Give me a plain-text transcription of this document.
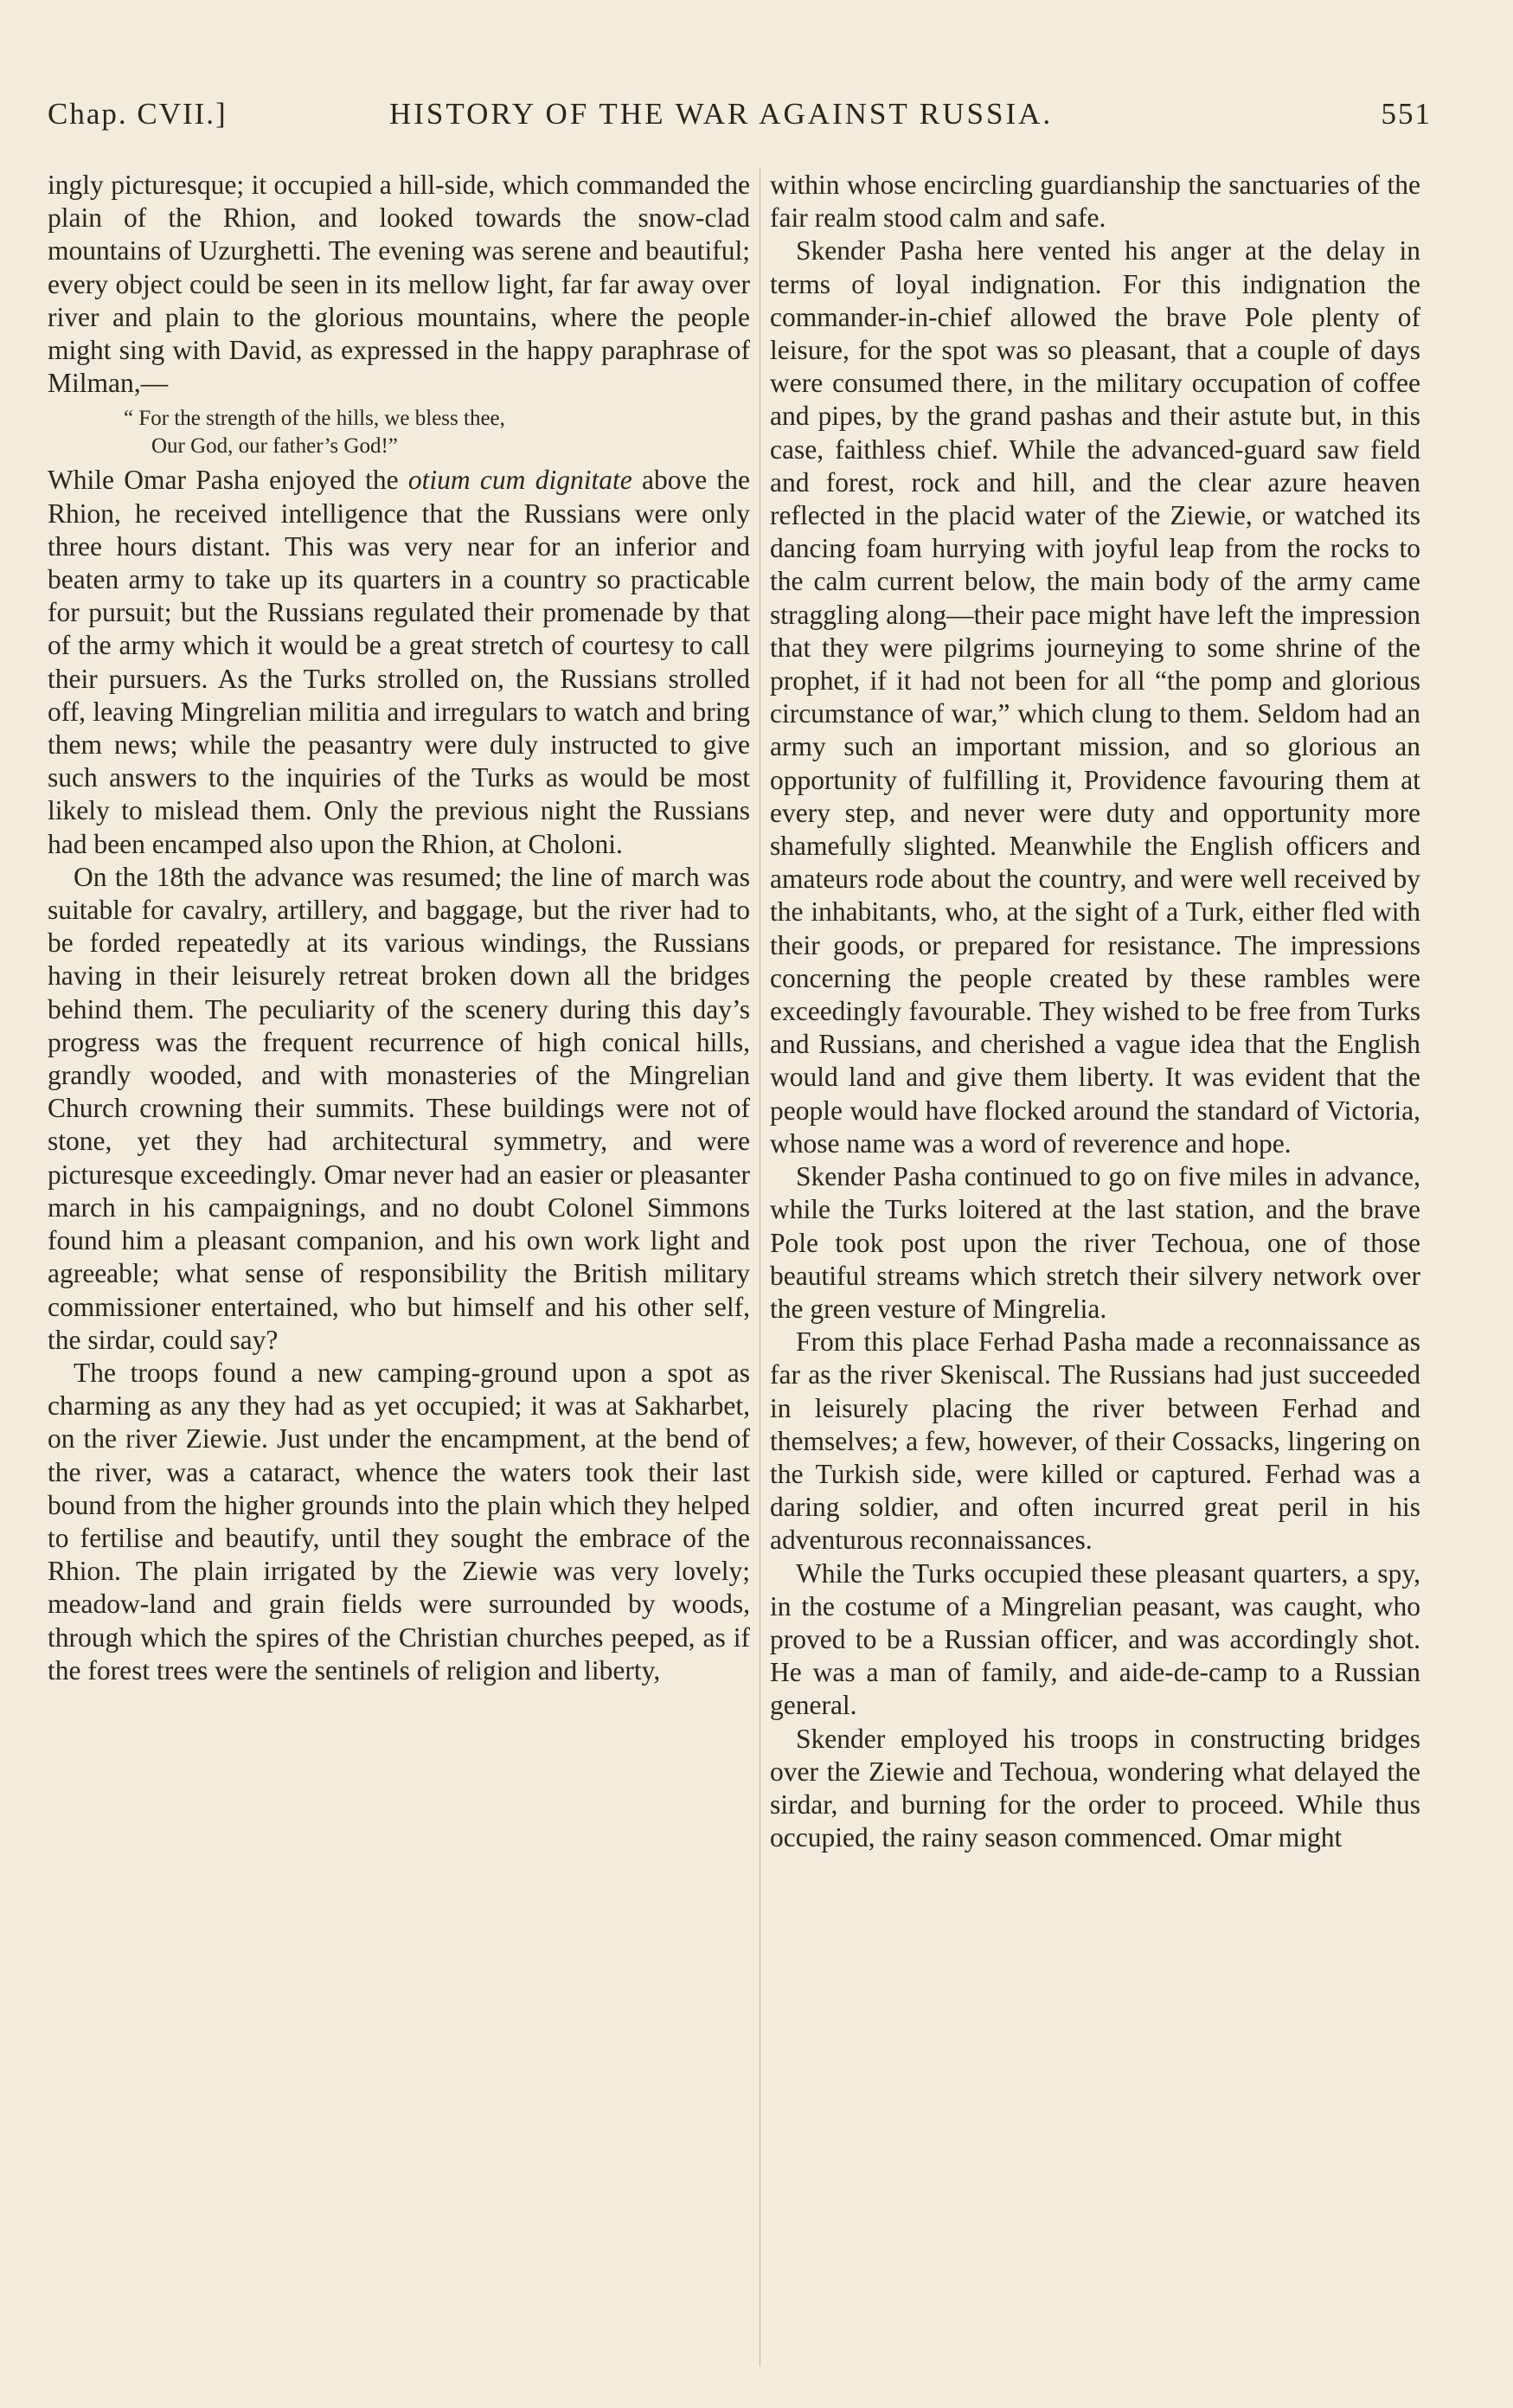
Chap. CVII.]	HISTORY OF THE WAR AGAINST RUSSIA.	551

ingly picturesque; it occupied a hill-side, which commanded the plain of the Rhion, and looked towards the snow-clad mountains of Uzurghetti. The evening was serene and beautiful; every object could be seen in its mellow light, far far away over river and plain to the glorious mountains, where the people might sing with David, as expressed in the happy paraphrase of Milman,—

“ For the strength of the hills, we bless thee,
Our God, our father’s God!”

While Omar Pasha enjoyed the otium cum dignitate above the Rhion, he received intelligence that the Russians were only three hours distant. This was very near for an inferior and beaten army to take up its quarters in a country so practicable for pursuit; but the Russians regulated their promenade by that of the army which it would be a great stretch of courtesy to call their pursuers. As the Turks strolled on, the Russians strolled off, leaving Mingrelian militia and irregulars to watch and bring them news; while the peasantry were duly instructed to give such answers to the inquiries of the Turks as would be most likely to mislead them. Only the previous night the Russians had been encamped also upon the Rhion, at Choloni.

On the 18th the advance was resumed; the line of march was suitable for cavalry, artillery, and baggage, but the river had to be forded repeatedly at its various windings, the Russians having in their leisurely retreat broken down all the bridges behind them. The peculiarity of the scenery during this day’s progress was the frequent recurrence of high conical hills, grandly wooded, and with monasteries of the Mingrelian Church crowning their summits. These buildings were not of stone, yet they had architectural symmetry, and were picturesque exceedingly. Omar never had an easier or pleasanter march in his campaignings, and no doubt Colonel Simmons found him a pleasant companion, and his own work light and agreeable; what sense of responsibility the British military commissioner entertained, who but himself and his other self, the sirdar, could say?

The troops found a new camping-ground upon a spot as charming as any they had as yet occupied; it was at Sakharbet, on the river Ziewie. Just under the encampment, at the bend of the river, was a cataract, whence the waters took their last bound from the higher grounds into the plain which they helped to fertilise and beautify, until they sought the embrace of the Rhion. The plain irrigated by the Ziewie was very lovely; meadow-land and grain fields were surrounded by woods, through which the spires of the Christian churches peeped, as if the forest trees were the sentinels of religion and liberty,

within whose encircling guardianship the sanctuaries of the fair realm stood calm and safe.

Skender Pasha here vented his anger at the delay in terms of loyal indignation. For this indignation the commander-in-chief allowed the brave Pole plenty of leisure, for the spot was so pleasant, that a couple of days were consumed there, in the military occupation of coffee and pipes, by the grand pashas and their astute but, in this case, faithless chief. While the advanced-guard saw field and forest, rock and hill, and the clear azure heaven reflected in the placid water of the Ziewie, or watched its dancing foam hurrying with joyful leap from the rocks to the calm current below, the main body of the army came straggling along—their pace might have left the impression that they were pilgrims journeying to some shrine of the prophet, if it had not been for all “the pomp and glorious circumstance of war,” which clung to them. Seldom had an army such an important mission, and so glorious an opportunity of fulfilling it, Providence favouring them at every step, and never were duty and opportunity more shamefully slighted. Meanwhile the English officers and amateurs rode about the country, and were well received by the inhabitants, who, at the sight of a Turk, either fled with their goods, or prepared for resistance. The impressions concerning the people created by these rambles were exceedingly favourable. They wished to be free from Turks and Russians, and cherished a vague idea that the English would land and give them liberty. It was evident that the people would have flocked around the standard of Victoria, whose name was a word of reverence and hope.

Skender Pasha continued to go on five miles in advance, while the Turks loitered at the last station, and the brave Pole took post upon the river Techoua, one of those beautiful streams which stretch their silvery network over the green vesture of Mingrelia.

From this place Ferhad Pasha made a reconnaissance as far as the river Skeniscal. The Russians had just succeeded in leisurely placing the river between Ferhad and themselves; a few, however, of their Cossacks, lingering on the Turkish side, were killed or captured. Ferhad was a daring soldier, and often incurred great peril in his adventurous reconnaissances.

While the Turks occupied these pleasant quarters, a spy, in the costume of a Mingrelian peasant, was caught, who proved to be a Russian officer, and was accordingly shot. He was a man of family, and aide-de-camp to a Russian general.

Skender employed his troops in constructing bridges over the Ziewie and Techoua, wondering what delayed the sirdar, and burning for the order to proceed. While thus occupied, the rainy season commenced. Omar might
